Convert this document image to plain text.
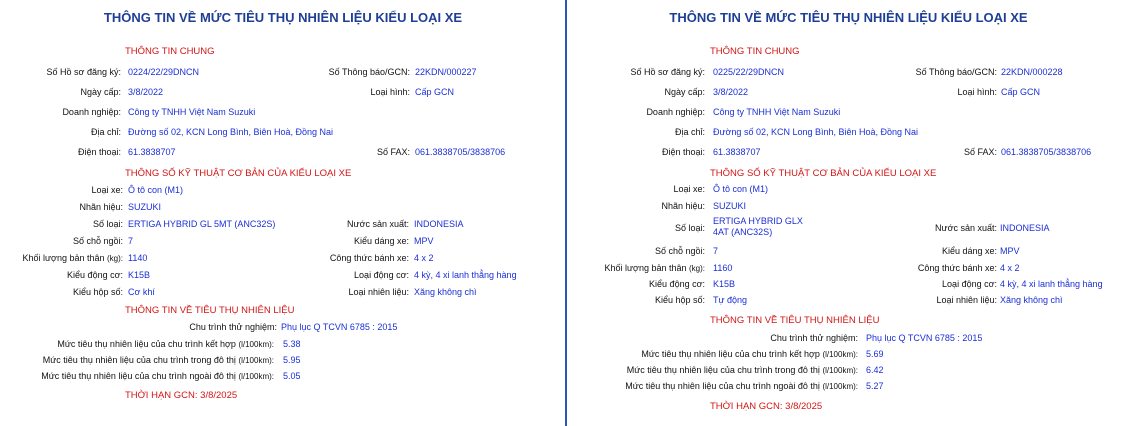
THÔNG TIN VỀ MỨC TIÊU THỤ NHIÊN LIỆU KIỂU LOẠI XE
THÔNG TIN CHUNG
Số Hồ sơ đăng ký: 0224/22/29DNCN	Số Thông báo/GCN: 22KDN/000227
Ngày cấp: 3/8/2022	Loại hình: Cấp GCN
Doanh nghiệp: Công ty TNHH Việt Nam Suzuki
Địa chỉ: Đường số 02, KCN Long Bình, Biên Hoà, Đồng Nai
Điện thoại: 61.3838707	Số FAX: 061.3838705/3838706
THÔNG SỐ KỸ THUẬT CƠ BẢN CỦA KIỂU LOẠI XE
Loại xe: Ô tô con (M1)
Nhãn hiệu: SUZUKI
Số loại: ERTIGA HYBRID GL 5MT (ANC32S)	Nước sản xuất: INDONESIA
Số chỗ ngồi: 7	Kiểu dáng xe: MPV
Khối lượng bản thân (kg): 1140	Công thức bánh xe: 4 x 2
Kiểu động cơ: K15B	Loại động cơ: 4 kỳ, 4 xi lanh thẳng hàng
Kiểu hộp số: Cơ khí	Loại nhiên liệu: Xăng không chì
THÔNG TIN VỀ TIÊU THỤ NHIÊN LIỆU
Chu trình thử nghiệm: Phụ lục Q TCVN 6785 : 2015
Mức tiêu thụ nhiên liệu của chu trình kết hợp (l/100km): 5.38
Mức tiêu thụ nhiên liệu của chu trình trong đô thị (l/100km): 5.95
Mức tiêu thụ nhiên liệu của chu trình ngoài đô thị (l/100km): 5.05
THỜI HẠN GCN: 3/8/2025
THÔNG TIN VỀ MỨC TIÊU THỤ NHIÊN LIỆU KIỂU LOẠI XE
THÔNG TIN CHUNG
Số Hồ sơ đăng ký: 0225/22/29DNCN	Số Thông báo/GCN: 22KDN/000228
Ngày cấp: 3/8/2022	Loại hình: Cấp GCN
Doanh nghiệp: Công ty TNHH Việt Nam Suzuki
Địa chỉ: Đường số 02, KCN Long Bình, Biên Hoà, Đồng Nai
Điện thoại: 61.3838707	Số FAX: 061.3838705/3838706
THÔNG SỐ KỸ THUẬT CƠ BẢN CỦA KIỂU LOẠI XE
Loại xe: Ô tô con (M1)
Nhãn hiệu: SUZUKI
Số loại:
ERTIGA HYBRID GLX 4AT (ANC32S)	Nước sản xuất: INDONESIA
Số chỗ ngồi: 7	Kiểu dáng xe: MPV
Khối lượng bản thân (kg): 1160	Công thức bánh xe: 4 x 2
Kiểu động cơ: K15B	Loại động cơ: 4 kỳ, 4 xi lanh thẳng hàng
Kiểu hộp số: Tự động	Loại nhiên liệu: Xăng không chì
THÔNG TIN VỀ TIÊU THỤ NHIÊN LIỆU
Chu trình thử nghiệm: Phụ lục Q TCVN 6785 : 2015
Mức tiêu thụ nhiên liệu của chu trình kết hợp (l/100km): 5.69
Mức tiêu thụ nhiên liệu của chu trình trong đô thị (l/100km): 6.42
Mức tiêu thụ nhiên liệu của chu trình ngoài đô thị (l/100km): 5.27
THỜI HẠN GCN: 3/8/2025
